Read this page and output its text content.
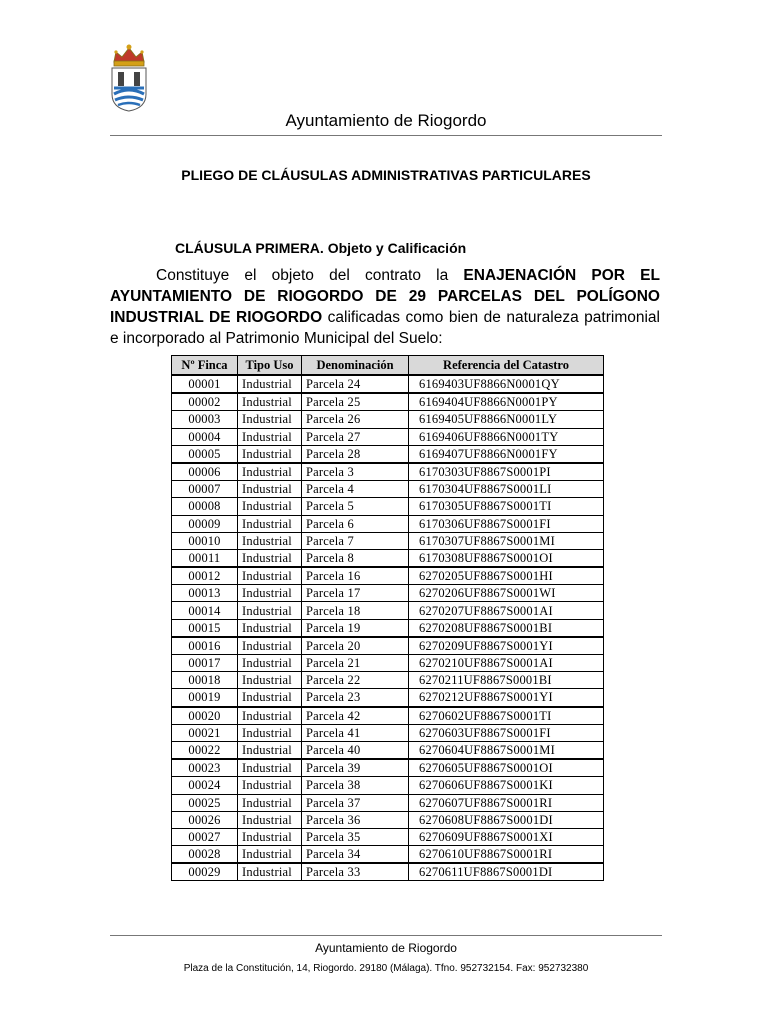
Ayuntamiento de Riogordo
PLIEGO DE CLÁUSULAS ADMINISTRATIVAS PARTICULARES
CLÁUSULA PRIMERA. Objeto y Calificación
Constituye el objeto del contrato la ENAJENACIÓN POR EL AYUNTAMIENTO DE RIOGORDO DE 29 PARCELAS DEL POLÍGONO INDUSTRIAL DE RIOGORDO calificadas como bien de naturaleza patrimonial e incorporado al Patrimonio Municipal del Suelo:
Nº Finca	Tipo Uso	Denominación	Referencia del Catastro
00001	Industrial	Parcela 24	6169403UF8866N0001QY
00002	Industrial	Parcela 25	6169404UF8866N0001PY
00003	Industrial	Parcela 26	6169405UF8866N0001LY
00004	Industrial	Parcela 27	6169406UF8866N0001TY
00005	Industrial	Parcela 28	6169407UF8866N0001FY
00006	Industrial	Parcela 3	6170303UF8867S0001PI
00007	Industrial	Parcela 4	6170304UF8867S0001LI
00008	Industrial	Parcela 5	6170305UF8867S0001TI
00009	Industrial	Parcela 6	6170306UF8867S0001FI
00010	Industrial	Parcela 7	6170307UF8867S0001MI
00011	Industrial	Parcela 8	6170308UF8867S0001OI
00012	Industrial	Parcela 16	6270205UF8867S0001HI
00013	Industrial	Parcela 17	6270206UF8867S0001WI
00014	Industrial	Parcela 18	6270207UF8867S0001AI
00015	Industrial	Parcela 19	6270208UF8867S0001BI
00016	Industrial	Parcela 20	6270209UF8867S0001YI
00017	Industrial	Parcela 21	6270210UF8867S0001AI
00018	Industrial	Parcela 22	6270211UF8867S0001BI
00019	Industrial	Parcela 23	6270212UF8867S0001YI
00020	Industrial	Parcela 42	6270602UF8867S0001TI
00021	Industrial	Parcela 41	6270603UF8867S0001FI
00022	Industrial	Parcela 40	6270604UF8867S0001MI
00023	Industrial	Parcela 39	6270605UF8867S0001OI
00024	Industrial	Parcela 38	6270606UF8867S0001KI
00025	Industrial	Parcela 37	6270607UF8867S0001RI
00026	Industrial	Parcela 36	6270608UF8867S0001DI
00027	Industrial	Parcela 35	6270609UF8867S0001XI
00028	Industrial	Parcela 34	6270610UF8867S0001RI
00029	Industrial	Parcela 33	6270611UF8867S0001DI
Ayuntamiento de Riogordo
Plaza de la Constitución, 14, Riogordo. 29180 (Málaga). Tfno. 952732154. Fax: 952732380
